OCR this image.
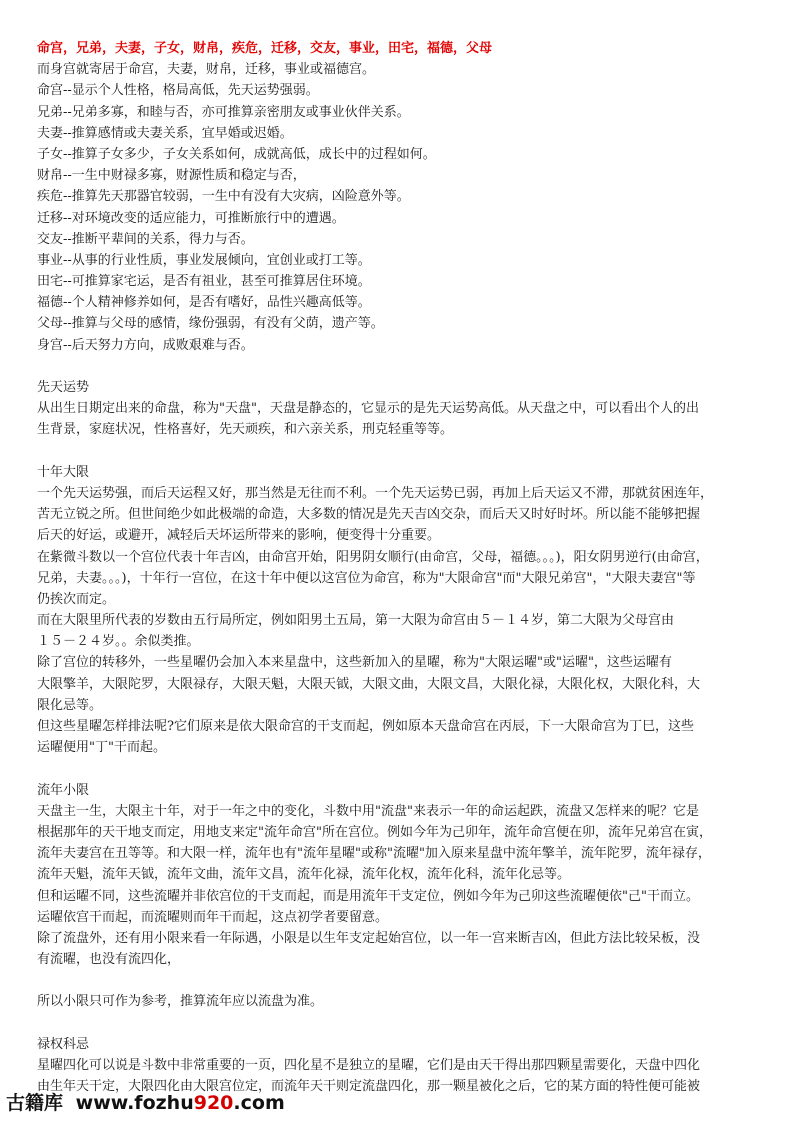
命宫，兄弟，夫妻，子女，财帛，疾危，迁移，交友，事业，田宅，福德，父母
而身宫就寄居于命宫，夫妻，财帛，迁移，事业或福德宫。
命宫--显示个人性格，格局高低，先天运势强弱。
兄弟--兄弟多寡，和睦与否，亦可推算亲密朋友或事业伙伴关系。
夫妻--推算感情或夫妻关系，宜早婚或迟婚。
子女--推算子女多少，子女关系如何，成就高低，成长中的过程如何。
财帛--一生中财禄多寡，财源性质和稳定与否，
疾危--推算先天那器官较弱，一生中有没有大灾病，凶险意外等。
迁移--对环境改变的适应能力，可推断旅行中的遭遇。
交友--推断平辈间的关系，得力与否。
事业--从事的行业性质，事业发展倾向，宜创业或打工等。
田宅--可推算家宅运，是否有祖业，甚至可推算居住环境。
福德--个人精神修养如何，是否有嗜好，品性兴趣高低等。
父母--推算与父母的感情，缘份强弱，有没有父荫，遗产等。
身宫--后天努力方向，成败艰难与否。
先天运势
从出生日期定出来的命盘，称为"天盘"，天盘是静态的，它显示的是先天运势高低。从天盘之中，可以看出个人的出
生背景，家庭状况，性格喜好，先天顽疾，和六亲关系，刑克轻重等等。
十年大限
一个先天运势强，而后天运程又好，那当然是无往而不利。一个先天运势已弱，再加上后天运又不滞，那就贫困连年，
苦无立锐之所。但世间绝少如此极端的命造，大多数的情况是先天吉凶交杂，而后天又时好时坏。所以能不能够把握
后天的好运，或避开，减轻后天坏运所带来的影响，便变得十分重要。
在紫微斗数以一个宫位代表十年吉凶，由命宫开始，阳男阴女顺行(由命宫，父母，福德。。。)，阳女阴男逆行(由命宫，
兄弟，夫妻。。。)，十年行一宫位，在这十年中便以这宫位为命宫，称为"大限命宫"而"大限兄弟宫"，"大限夫妻宫"等
仍挨次而定。
而在大限里所代表的岁数由五行局所定，例如阳男土五局，第一大限为命宫由５－１４岁，第二大限为父母宫由
１５－２４岁。。余似类推。
除了宫位的转移外，一些星曜仍会加入本来星盘中，这些新加入的星曜，称为"大限运曜"或"运曜"，这些运曜有
大限擎羊，大限陀罗，大限禄存，大限天魁，大限天钺，大限文曲，大限文昌，大限化禄，大限化权，大限化科，大
限化忌等。
但这些星曜怎样排法呢?它们原来是依大限命宫的干支而起，例如原本天盘命宫在丙辰，下一大限命宫为丁巳，这些
运曜便用"丁"干而起。
流年小限
天盘主一生，大限主十年，对于一年之中的变化，斗数中用"流盘"来表示一年的命运起跌，流盘又怎样来的呢？它是
根据那年的天干地支而定，用地支来定"流年命宫"所在宫位。例如今年为己卯年，流年命宫便在卯，流年兄弟宫在寅，
流年夫妻宫在丑等等。和大限一样，流年也有"流年星曜"或称"流曜"加入原来星盘中流年擎羊，流年陀罗，流年禄存，
流年天魁，流年天钺，流年文曲，流年文昌，流年化禄，流年化权，流年化科，流年化忌等。
但和运曜不同，这些流曜并非依宫位的干支而起，而是用流年干支定位，例如今年为己卯这些流曜便依"己"干而立。
运曜依宫干而起，而流曜则而年干而起，这点初学者要留意。
除了流盘外，还有用小限来看一年际遇，小限是以生年支定起始宫位，以一年一宫来断吉凶，但此方法比较呆板，没
有流曜，也没有流四化，
所以小限只可作为参考，推算流年应以流盘为准。
禄权科忌
星曜四化可以说是斗数中非常重要的一页，四化星不是独立的星曜，它们是由天干得出那四颗星需要化，天盘中四化
由生年天干定，大限四化由大限宫位定，而流年天干则定流盘四化，那一颗星被化之后，它的某方面的特性便可能被
古籍库 www.fozhu920.com
